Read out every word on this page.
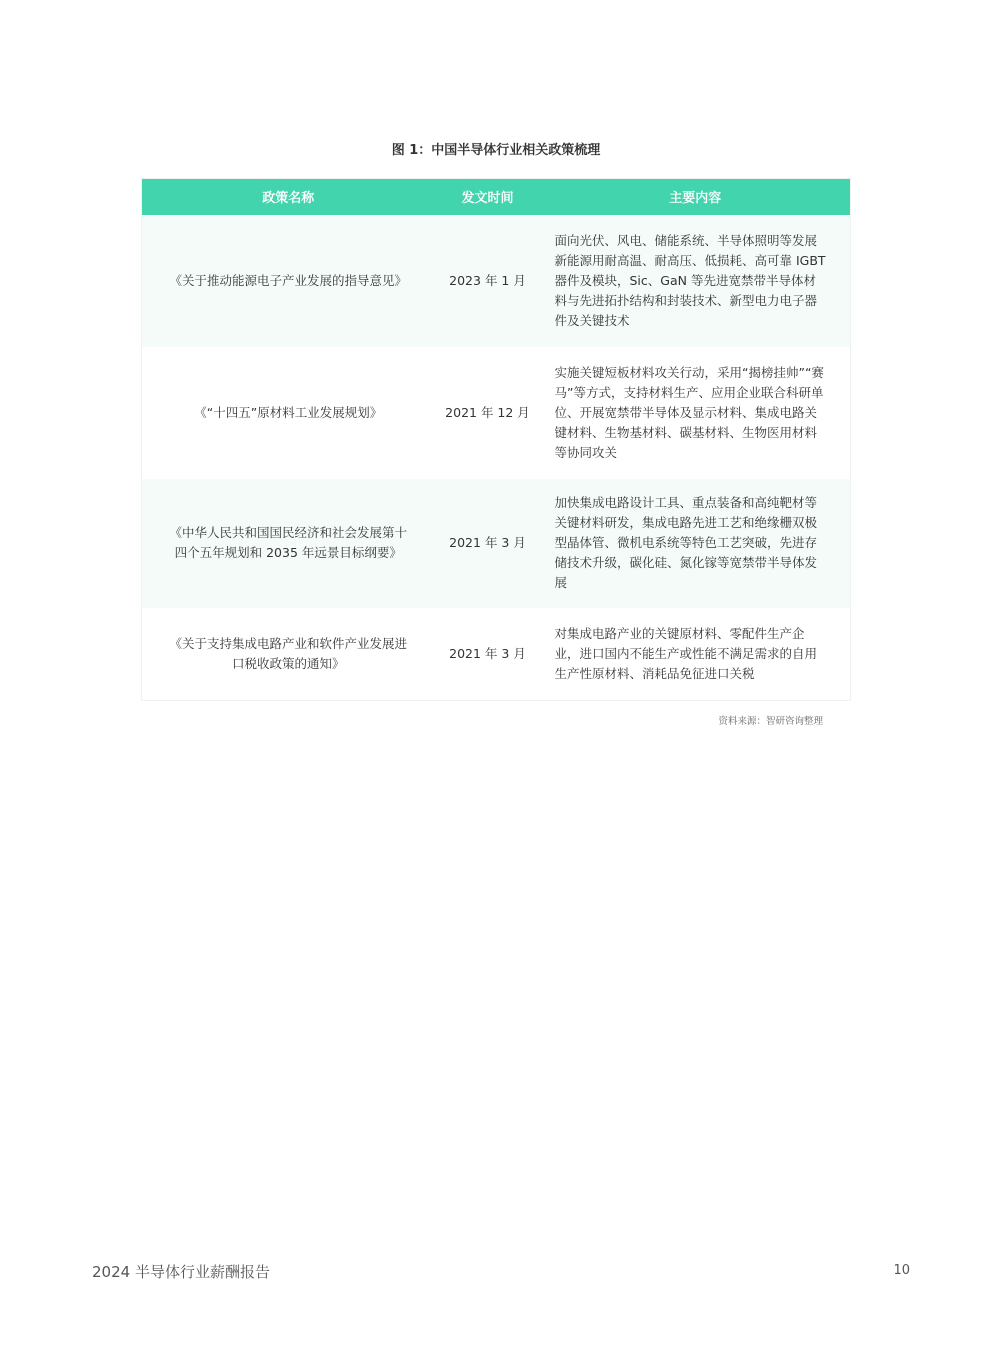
图 1：中国半导体行业相关政策梳理
政策名称	发文时间	主要内容
《关于推动能源电子产业发展的指导意见》	2023 年 1 月	面向光伏、风电、储能系统、半导体照明等发展新能源用耐高温、耐高压、低损耗、高可靠 IGBT 器件及模块，Sic、GaN 等先进宽禁带半导体材料与先进拓扑结构和封装技术、新型电力电子器件及关键技术
《“十四五”原材料工业发展规划》	2021 年 12 月	实施关键短板材料攻关行动，采用“揭榜挂帅”“赛马”等方式，支持材料生产、应用企业联合科研单位、开展宽禁带半导体及显示材料、集成电路关键材料、生物基材料、碳基材料、生物医用材料等协同攻关
《中华人民共和国国民经济和社会发展第十四个五年规划和 2035 年远景目标纲要》	2021 年 3 月	加快集成电路设计工具、重点装备和高纯靶材等关键材料研发，集成电路先进工艺和绝缘栅双极型晶体管、微机电系统等特色工艺突破，先进存储技术升级，碳化硅、氮化镓等宽禁带半导体发展
《关于支持集成电路产业和软件产业发展进口税收政策的通知》	2021 年 3 月	对集成电路产业的关键原材料、零配件生产企业，进口国内不能生产或性能不满足需求的自用生产性原材料、消耗品免征进口关税
资料来源：智研咨询整理
2024 半导体行业薪酬报告	10
